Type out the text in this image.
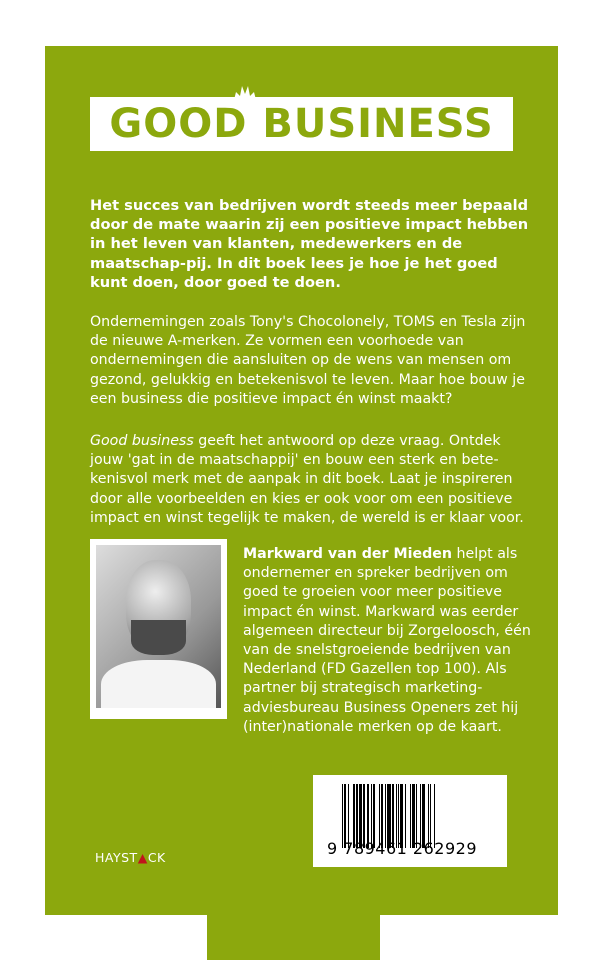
GOOD BUSINESS
Het succes van bedrijven wordt steeds meer bepaald door de mate waarin zij een positieve impact hebben in het leven van klanten, medewerkers en de maatschap-pij. In dit boek lees je hoe je het goed kunt doen, door goed te doen.
Ondernemingen zoals Tony's Chocolonely, TOMS en Tesla zijn de nieuwe A-merken. Ze vormen een voorhoede van ondernemingen die aansluiten op de wens van mensen om gezond, gelukkig en betekenisvol te leven. Maar hoe bouw je een business die positieve impact én winst maakt?
Good business geeft het antwoord op deze vraag. Ontdek jouw 'gat in de maatschappij' en bouw een sterk en bete-kenisvol merk met de aanpak in dit boek. Laat je inspireren door alle voorbeelden en kies er ook voor om een positieve impact en winst tegelijk te maken, de wereld is er klaar voor.
Markward van der Mieden helpt als ondernemer en spreker bedrijven om goed te groeien voor meer positieve impact én winst. Markward was eerder algemeen directeur bij Zorgeloosch, één van de snelstgroeiende bedrijven van Nederland (FD Gazellen top 100). Als partner bij strategisch marketing-adviesbureau Business Openers zet hij (inter)nationale merken op de kaart.
9 789461 262929
HAYST▲CK
